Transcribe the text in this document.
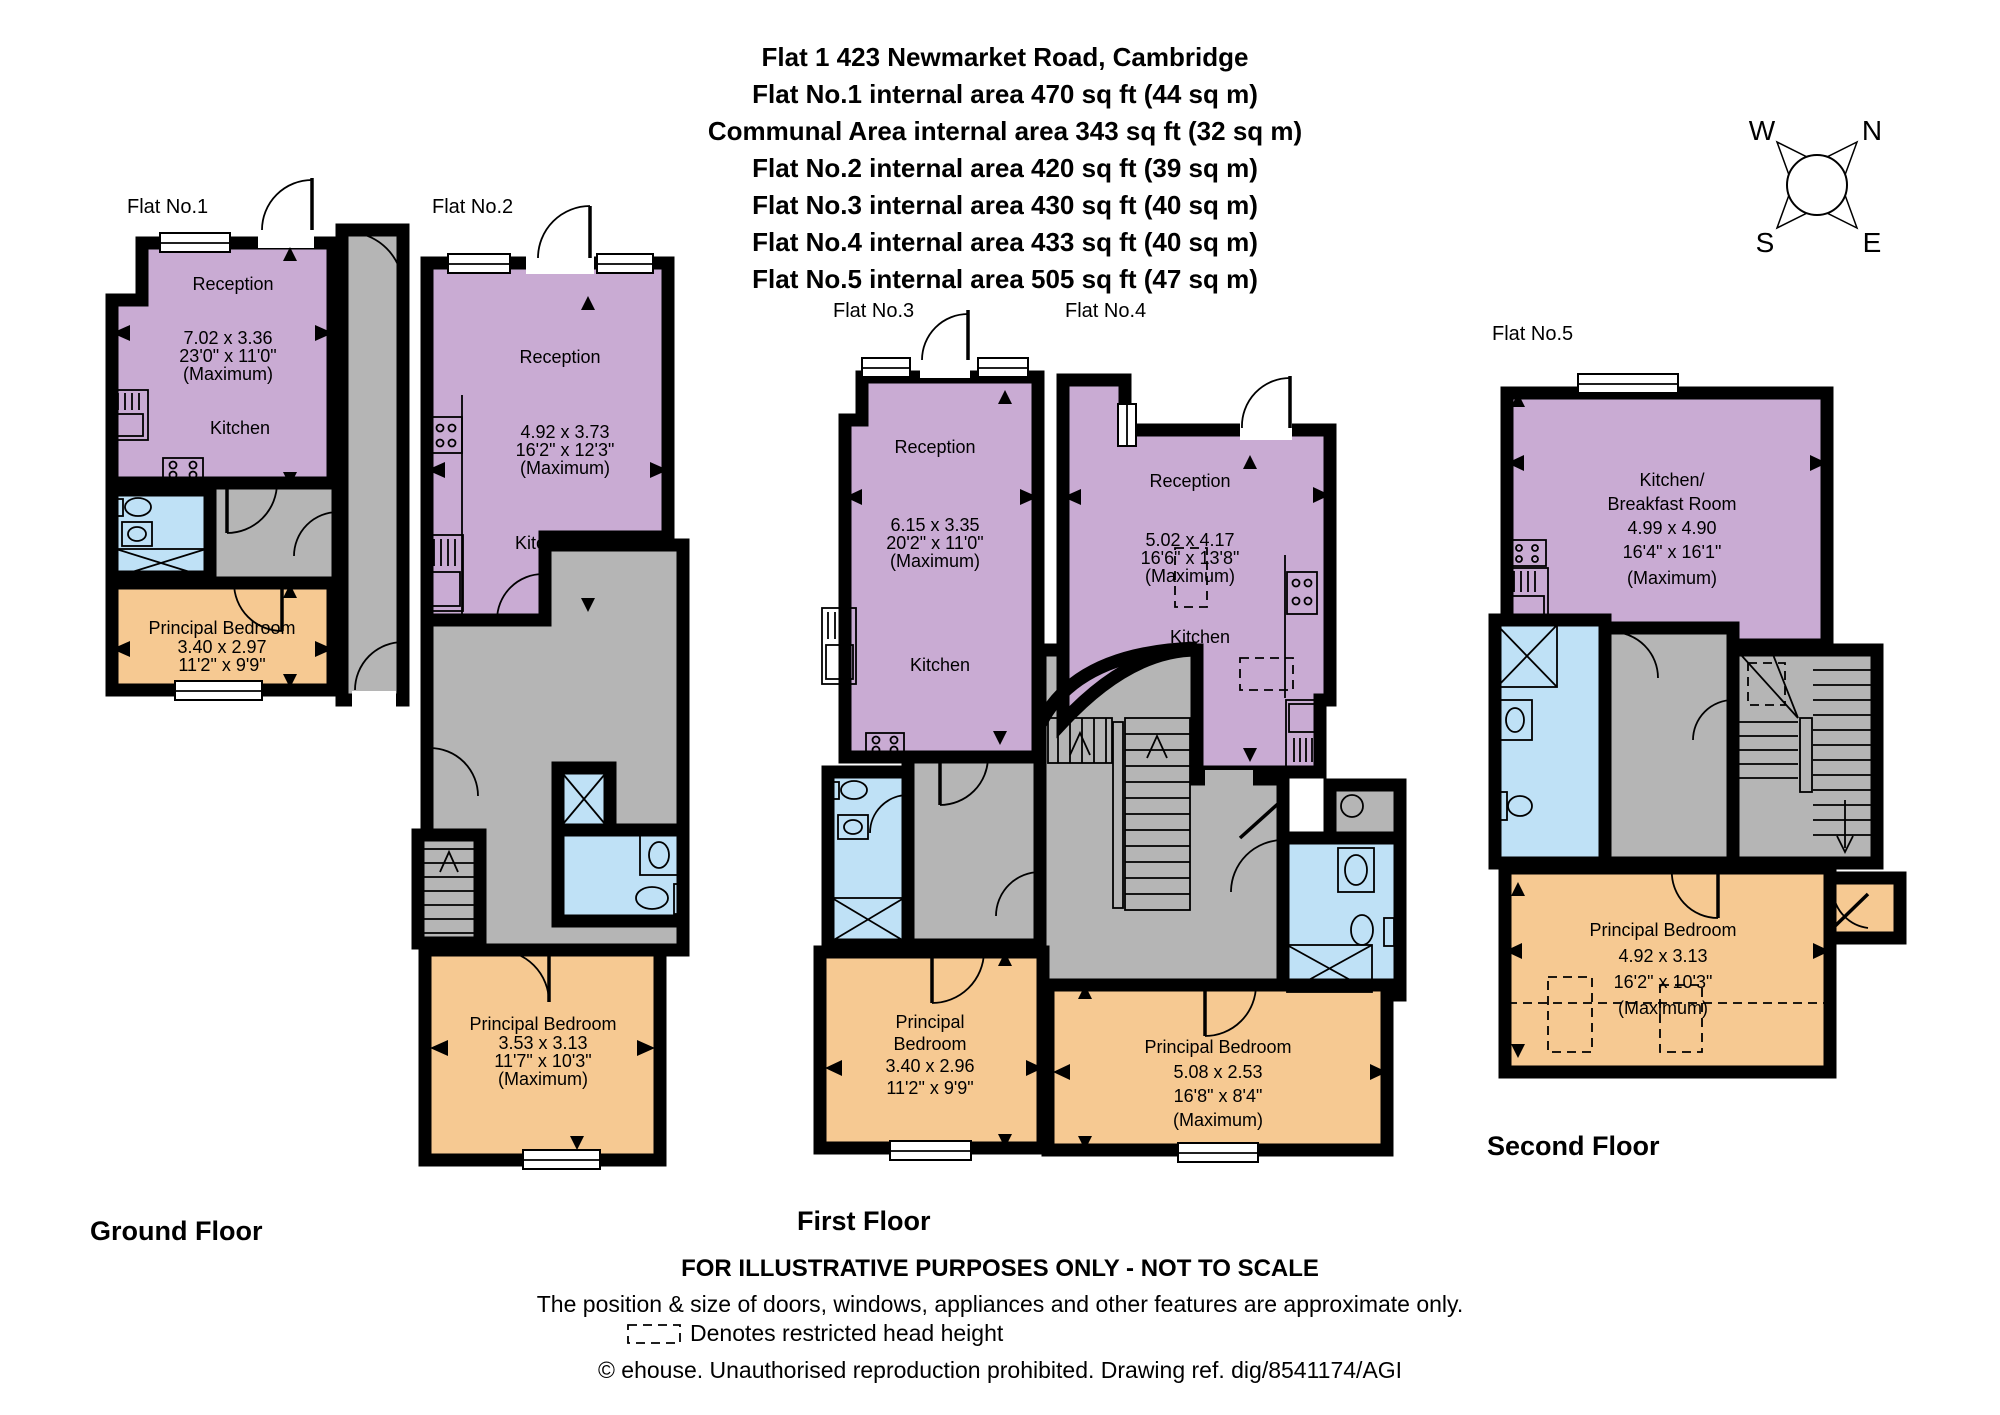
Flat 1 423 Newmarket Road, Cambridge
Flat No.1 internal area 470 sq ft (44 sq m)
Communal Area internal area 343 sq ft (32 sq m)
Flat No.2 internal area 420 sq ft (39 sq m)
Flat No.3 internal area 430 sq ft (40 sq m)
Flat No.4 internal area 433 sq ft (40 sq m)
Flat No.5 internal area 505 sq ft (47 sq m)
W	N
S	E
Flat No.1
Reception
7.02 x 3.36
23'0" x 11'0"
(Maximum)
Kitchen
Principal Bedroom
3.40 x 2.97
11'2" x 9'9"
Flat No.2
Reception
4.92 x 3.73
16'2" x 12'3"
(Maximum)
Kitchen
Principal Bedroom
3.53 x 3.13
11'7" x 10'3"
(Maximum)
Ground Floor
Flat No.3	Flat No.4
Reception
6.15 x 3.35
20'2" x 11'0"
(Maximum)
Kitchen
Principal
Bedroom
3.40 x 2.96
11'2" x 9'9"
Reception
5.02 x 4.17
16'6" x 13'8"
(Maximum)
Kitchen
Principal Bedroom
5.08 x 2.53
16'8" x 8'4"
(Maximum)
First Floor
Flat No.5
Kitchen/
Breakfast Room
4.99 x 4.90
16'4" x 16'1"
(Maximum)
Principal Bedroom
4.92 x 3.13
16'2" x 10'3"
(Maximum)
Second Floor
FOR ILLUSTRATIVE PURPOSES ONLY - NOT TO SCALE
The position & size of doors, windows, appliances and other features are approximate only.
Denotes restricted head height
© ehouse. Unauthorised reproduction prohibited. Drawing ref. dig/8541174/AGI
